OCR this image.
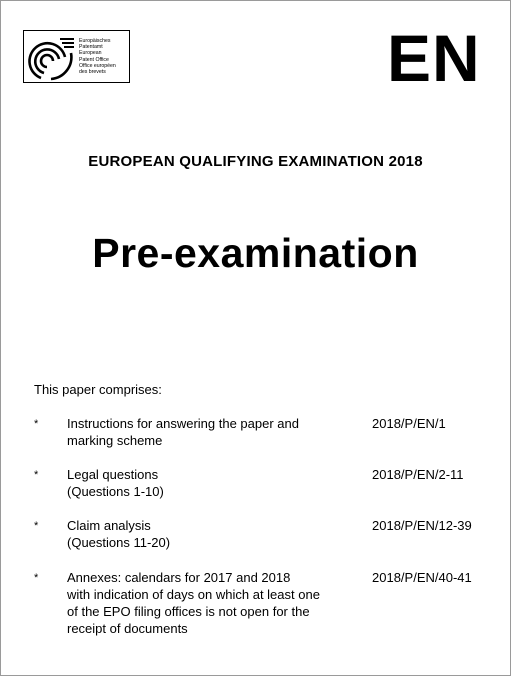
Europäisches
Patentamt
European
Patent Office
Office européen
des brevets	EN
EUROPEAN QUALIFYING EXAMINATION 2018
Pre-examination
This paper comprises:
* Instructions for answering the paper and
marking scheme
2018/P/EN/1
* Legal questions
(Questions 1-10)
2018/P/EN/2-11
* Claim analysis
(Questions 11-20)
2018/P/EN/12-39
* Annexes: calendars for 2017 and 2018
with indication of days on which at least one
of the EPO filing offices is not open for the
receipt of documents
2018/P/EN/40-41
